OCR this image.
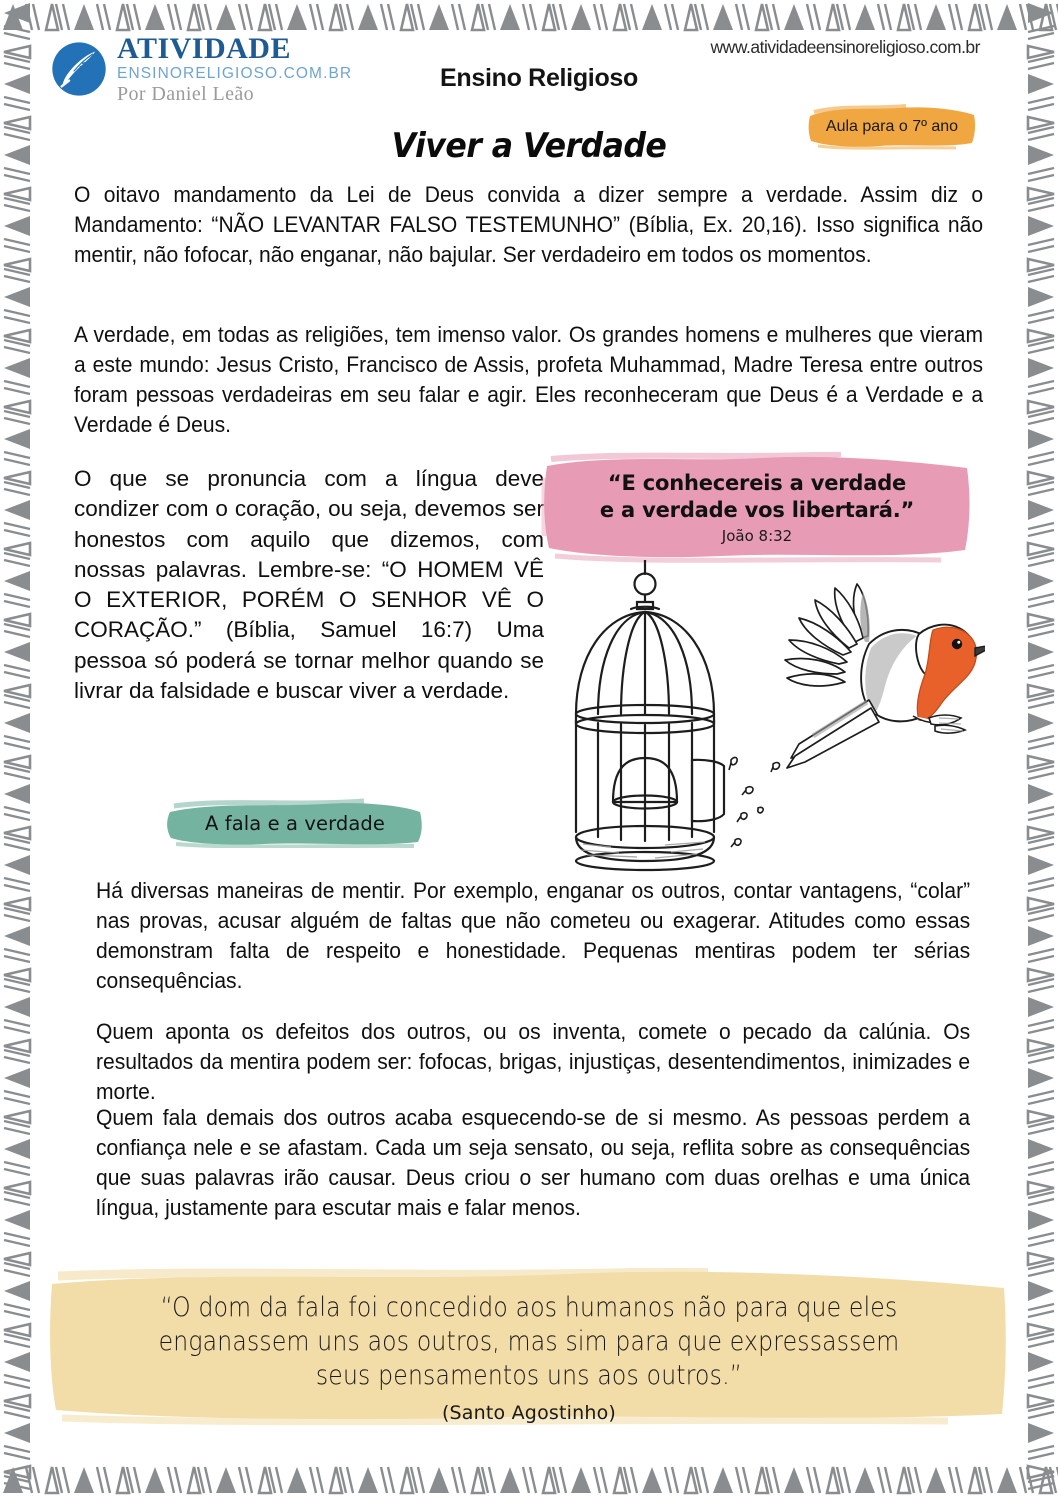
ATIVIDADE
ENSINORELIGIOSO.COM.BR
Por Daniel Leão
www.atividadeensinoreligioso.com.br
Ensino Religioso
Aula para o 7º ano
Viver a Verdade
O oitavo mandamento da Lei de Deus convida a dizer sempre a verdade. Assim diz o Mandamento: “NÃO LEVANTAR FALSO TESTEMUNHO” (Bíblia, Ex. 20,16). Isso significa não mentir, não fofocar, não enganar, não bajular. Ser verdadeiro em todos os momentos.
A verdade, em todas as religiões, tem imenso valor. Os grandes homens e mulheres que vieram a este mundo: Jesus Cristo, Francisco de Assis, profeta Muhammad, Madre Teresa entre outros foram pessoas verdadeiras em seu falar e agir. Eles reconheceram que Deus é a Verdade e a Verdade é Deus.
O que se pronuncia com a língua deve condizer com o coração, ou seja, devemos ser honestos com aquilo que dizemos, com nossas palavras. Lembre-se: “O HOMEM VÊ O EXTERIOR, PORÉM O SENHOR VÊ O CORAÇÃO.” (Bíblia, Samuel 16:7) Uma pessoa só poderá se tornar melhor quando se livrar da falsidade e buscar viver a verdade.
“E conhecereis a verdade
e a verdade vos libertará.”
João 8:32
A fala e a verdade
Há diversas maneiras de mentir. Por exemplo, enganar os outros, contar vantagens, “colar” nas provas, acusar alguém de faltas que não cometeu ou exagerar. Atitudes como essas demonstram falta de respeito e honestidade. Pequenas mentiras podem ter sérias consequências.
Quem aponta os defeitos dos outros, ou os inventa, comete o pecado da calúnia. Os resultados da mentira podem ser: fofocas, brigas, injustiças, desentendimentos, inimizades e morte.
Quem fala demais dos outros acaba esquecendo-se de si mesmo. As pessoas perdem a confiança nele e se afastam. Cada um seja sensato, ou seja, reflita sobre as consequências que suas palavras irão causar. Deus criou o ser humano com duas orelhas e uma única língua, justamente para escutar mais e falar menos.
“O dom da fala foi concedido aos humanos não para que eles
enganassem uns aos outros, mas sim para que expressassem
seus pensamentos uns aos outros.”
(Santo Agostinho)
